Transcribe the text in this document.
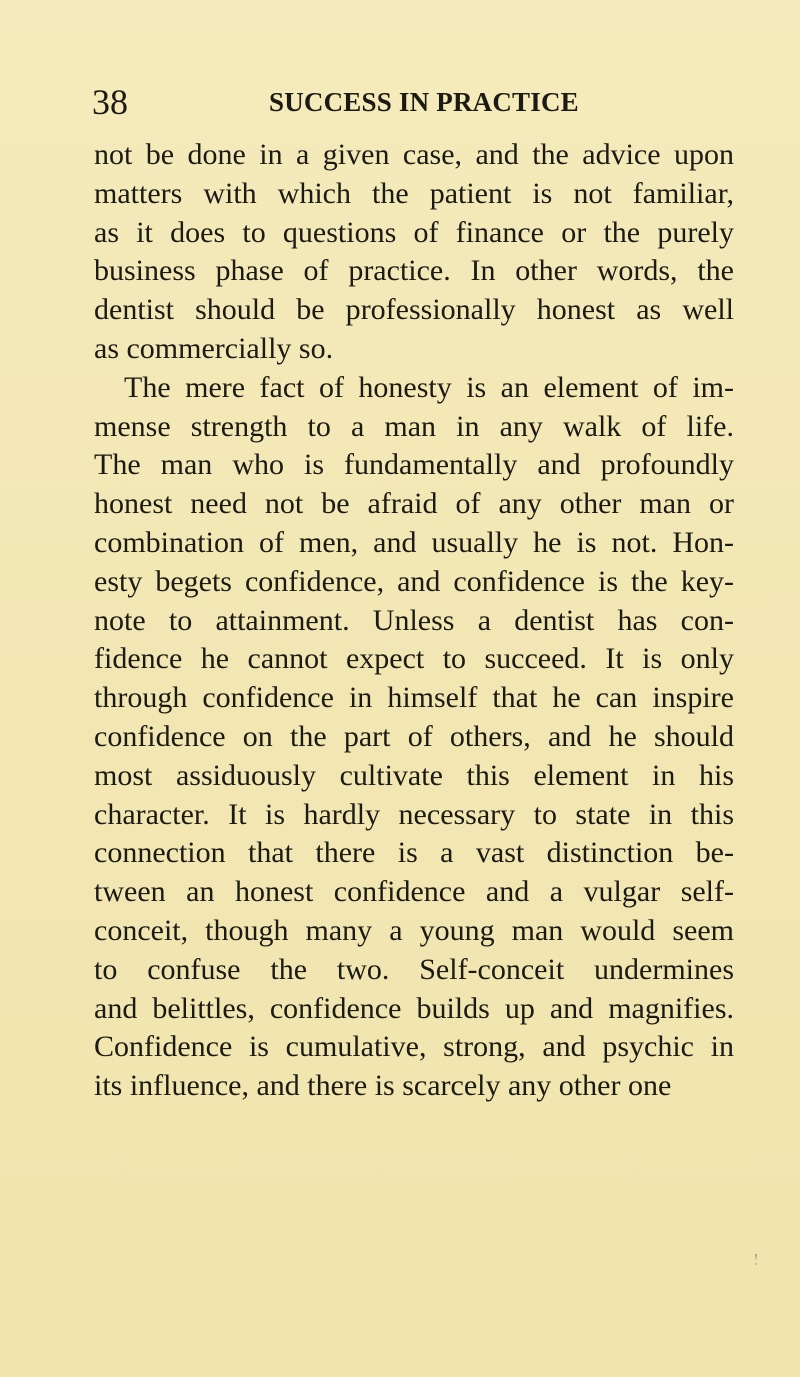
38	SUCCESS IN PRACTICE
not be done in a given case, and the advice upon
matters with which the patient is not familiar,
as it does to questions of finance or the purely
business phase of practice. In other words, the
dentist should be professionally honest as well
as commercially so.
The mere fact of honesty is an element of im-
mense strength to a man in any walk of life.
The man who is fundamentally and profoundly
honest need not be afraid of any other man or
combination of men, and usually he is not. Hon-
esty begets confidence, and confidence is the key-
note to attainment. Unless a dentist has con-
fidence he cannot expect to succeed. It is only
through confidence in himself that he can inspire
confidence on the part of others, and he should
most assiduously cultivate this element in his
character. It is hardly necessary to state in this
connection that there is a vast distinction be-
tween an honest confidence and a vulgar self-
conceit, though many a young man would seem
to confuse the two. Self-conceit undermines
and belittles, confidence builds up and magnifies.
Confidence is cumulative, strong, and psychic in
its influence, and there is scarcely any other one
